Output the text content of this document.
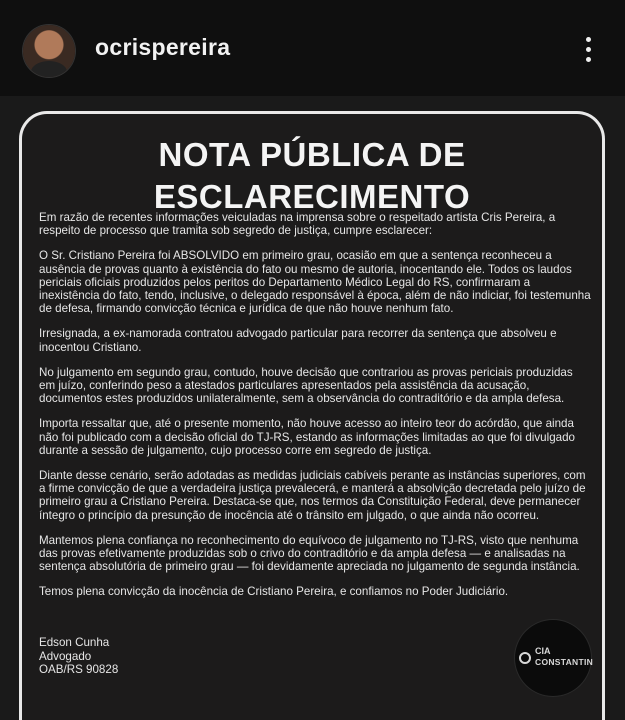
ocrispereira
NOTA PÚBLICA DE
ESCLARECIMENTO

Em razão de recentes informações veiculadas na imprensa sobre o respeitado artista Cris Pereira, a respeito de processo que tramita sob segredo de justiça, cumpre esclarecer:

O Sr. Cristiano Pereira foi ABSOLVIDO em primeiro grau, ocasião em que a sentença reconheceu a ausência de provas quanto à existência do fato ou mesmo de autoria, inocentando ele. Todos os laudos periciais oficiais produzidos pelos peritos do Departamento Médico Legal do RS, confirmaram a inexistência do fato, tendo, inclusive, o delegado responsável à época, além de não indiciar, foi testemunha de defesa, firmando convicção técnica e jurídica de que não houve nenhum fato.

Irresignada, a ex-namorada contratou advogado particular para recorrer da sentença que absolveu e inocentou Cristiano.

No julgamento em segundo grau, contudo, houve decisão que contrariou as provas periciais produzidas em juízo, conferindo peso a atestados particulares apresentados pela assistência da acusação, documentos estes produzidos unilateralmente, sem a observância do contraditório e da ampla defesa.

Importa ressaltar que, até o presente momento, não houve acesso ao inteiro teor do acórdão, que ainda não foi publicado com a decisão oficial do TJ-RS, estando as informações limitadas ao que foi divulgado durante a sessão de julgamento, cujo processo corre em segredo de justiça.

Diante desse cenário, serão adotadas as medidas judiciais cabíveis perante as instâncias superiores, com a firme convicção de que a verdadeira justiça prevalecerá, e manterá a absolvição decretada pelo juízo de primeiro grau a Cristiano Pereira. Destaca-se que, nos termos da Constituição Federal, deve permanecer íntegro o princípio da presunção de inocência até o trânsito em julgado, o que ainda não ocorreu.

Mantemos plena confiança no reconhecimento do equívoco de julgamento no TJ-RS, visto que nenhuma das provas efetivamente produzidas sob o crivo do contraditório e da ampla defesa — e analisadas na sentença absolutória de primeiro grau — foi devidamente apreciada no julgamento de segunda instância.

Temos plena convicção da inocência de Cristiano Pereira, e confiamos no Poder Judiciário.

Edson Cunha
Advogado
OAB/RS 90828
CIA
CONSTANTIN
